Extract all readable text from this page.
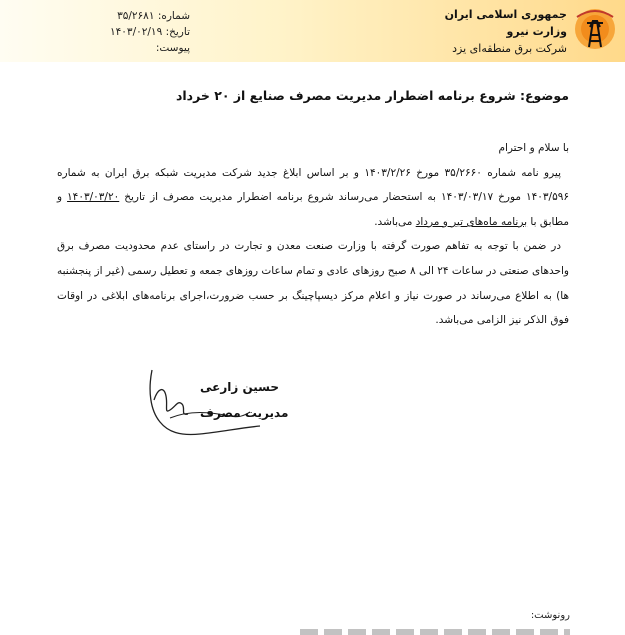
شماره: ۳۵/۲۶۸۱
تاریخ: ۱۴۰۳/۰۲/۱۹
پیوست:
جمهوری اسلامی ایران
وزارت نیرو
شرکت برق منطقه‌ای یزد
موضوع: شروع برنامه اضطرار مدیریت مصرف صنایع از ۲۰ خرداد

با سلام و احترام

پیرو نامه شماره ۳۵/۲۶۶۰ مورخ ۱۴۰۳/۲/۲۶ و بر اساس ابلاغ جدید شرکت مدیریت شبکه برق ایران به شماره ۱۴۰۳/۵۹۶ مورخ ۱۴۰۳/۰۳/۱۷ به استحضار می‌رساند شروع برنامه اضطرار مدیریت مصرف از تاریخ ۱۴۰۳/۰۳/۲۰ و مطابق با برنامه ماه‌های تیر و مرداد می‌باشد.

در ضمن با توجه به تفاهم صورت گرفته با وزارت صنعت معدن و تجارت در راستای عدم محدودیت مصرف برق واحدهای صنعتی در ساعات ۲۴ الی ۸ صبح روزهای عادی و تمام ساعات روزهای جمعه و تعطیل رسمی (غیر از پنجشنبه ها) به اطلاع می‌رساند در صورت نیاز و اعلام مرکز دیسپاچینگ بر حسب ضرورت،اجرای برنامه‌های ابلاغی در اوقات فوق الذکر نیز الزامی می‌باشد.

حسین زارعی
مدیریت مصرف
رونوشت:
